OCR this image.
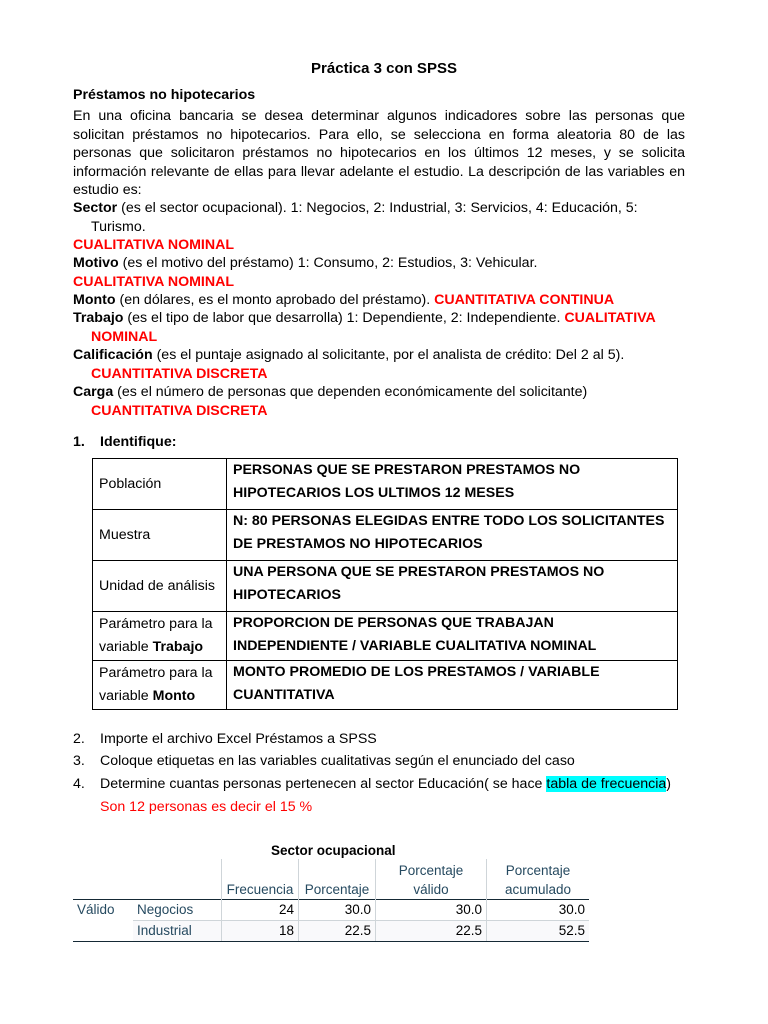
Práctica 3 con SPSS
Préstamos no hipotecarios
En una oficina bancaria se desea determinar algunos indicadores sobre las personas que solicitan préstamos no hipotecarios. Para ello, se selecciona en forma aleatoria 80 de las personas que solicitaron préstamos no hipotecarios en los últimos 12 meses, y se solicita información relevante de ellas para llevar adelante el estudio. La descripción de las variables en estudio es:
Sector (es el sector ocupacional). 1: Negocios, 2: Industrial, 3: Servicios, 4: Educación, 5:
Turismo.
CUALITATIVA NOMINAL
Motivo (es el motivo del préstamo) 1: Consumo, 2: Estudios, 3: Vehicular.
CUALITATIVA NOMINAL
Monto (en dólares, es el monto aprobado del préstamo). CUANTITATIVA CONTINUA
Trabajo (es el tipo de labor que desarrolla) 1: Dependiente, 2: Independiente. CUALITATIVA
NOMINAL
Calificación (es el puntaje asignado al solicitante, por el analista de crédito: Del 2 al 5).
CUANTITATIVA DISCRETA
Carga (es el número de personas que dependen económicamente del solicitante)
CUANTITATIVA DISCRETA
1. Identifique:
Población	PERSONAS QUE SE PRESTARON PRESTAMOS NO HIPOTECARIOS LOS ULTIMOS 12 MESES
Muestra	N: 80 PERSONAS ELEGIDAS ENTRE TODO LOS SOLICITANTES DE PRESTAMOS NO HIPOTECARIOS
Unidad de análisis	UNA PERSONA QUE SE PRESTARON PRESTAMOS NO HIPOTECARIOS
Parámetro para la variable Trabajo	PROPORCION DE PERSONAS QUE TRABAJAN INDEPENDIENTE / VARIABLE CUALITATIVA NOMINAL
Parámetro para la variable Monto	MONTO PROMEDIO DE LOS PRESTAMOS / VARIABLE CUANTITATIVA
2. Importe el archivo Excel Préstamos a SPSS
3. Coloque etiquetas en las variables cualitativas según el enunciado del caso
4. Determine cuantas personas pertenecen al sector Educación( se hace tabla de frecuencia)
Son 12 personas es decir el 15 %
Sector ocupacional
		Frecuencia	Porcentaje	Porcentaje válido	Porcentaje acumulado
Válido	Negocios	24	30.0	30.0	30.0
	Industrial	18	22.5	22.5	52.5
